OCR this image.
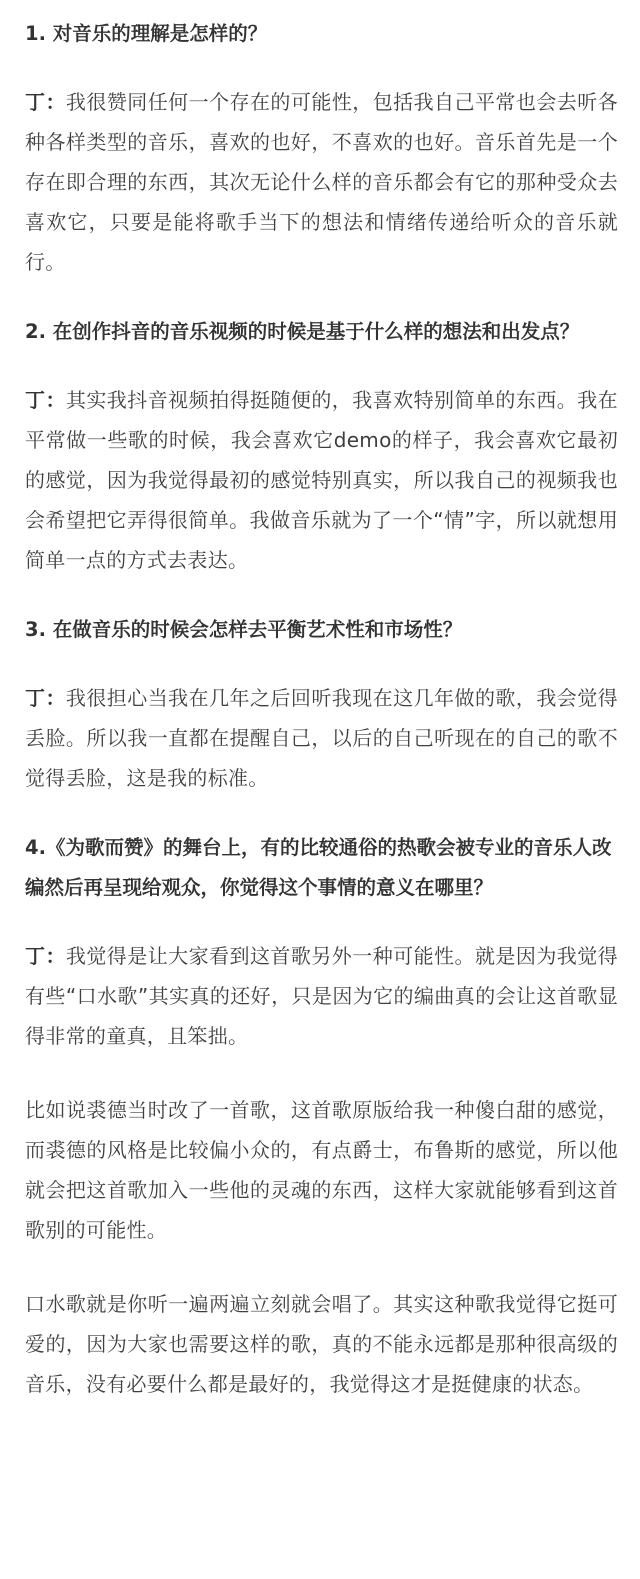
1. 对音乐的理解是怎样的？

丁：我很赞同任何一个存在的可能性，包括我自己平常也会去听各种各样类型的音乐，喜欢的也好，不喜欢的也好。音乐首先是一个存在即合理的东西，其次无论什么样的音乐都会有它的那种受众去喜欢它，只要是能将歌手当下的想法和情绪传递给听众的音乐就行。

2. 在创作抖音的音乐视频的时候是基于什么样的想法和出发点？

丁：其实我抖音视频拍得挺随便的，我喜欢特别简单的东西。我在平常做一些歌的时候，我会喜欢它demo的样子，我会喜欢它最初的感觉，因为我觉得最初的感觉特别真实，所以我自己的视频我也会希望把它弄得很简单。我做音乐就为了一个“情”字，所以就想用简单一点的方式去表达。

3. 在做音乐的时候会怎样去平衡艺术性和市场性？

丁：我很担心当我在几年之后回听我现在这几年做的歌，我会觉得丢脸。所以我一直都在提醒自己，以后的自己听现在的自己的歌不觉得丢脸，这是我的标准。

4.《为歌而赞》的舞台上，有的比较通俗的热歌会被专业的音乐人改编然后再呈现给观众，你觉得这个事情的意义在哪里？

丁：我觉得是让大家看到这首歌另外一种可能性。就是因为我觉得有些“口水歌”其实真的还好，只是因为它的编曲真的会让这首歌显得非常的童真，且笨拙。

比如说裘德当时改了一首歌，这首歌原版给我一种傻白甜的感觉，而裘德的风格是比较偏小众的，有点爵士，布鲁斯的感觉，所以他就会把这首歌加入一些他的灵魂的东西，这样大家就能够看到这首歌别的可能性。

口水歌就是你听一遍两遍立刻就会唱了。其实这种歌我觉得它挺可爱的，因为大家也需要这样的歌，真的不能永远都是那种很高级的音乐，没有必要什么都是最好的，我觉得这才是挺健康的状态。
